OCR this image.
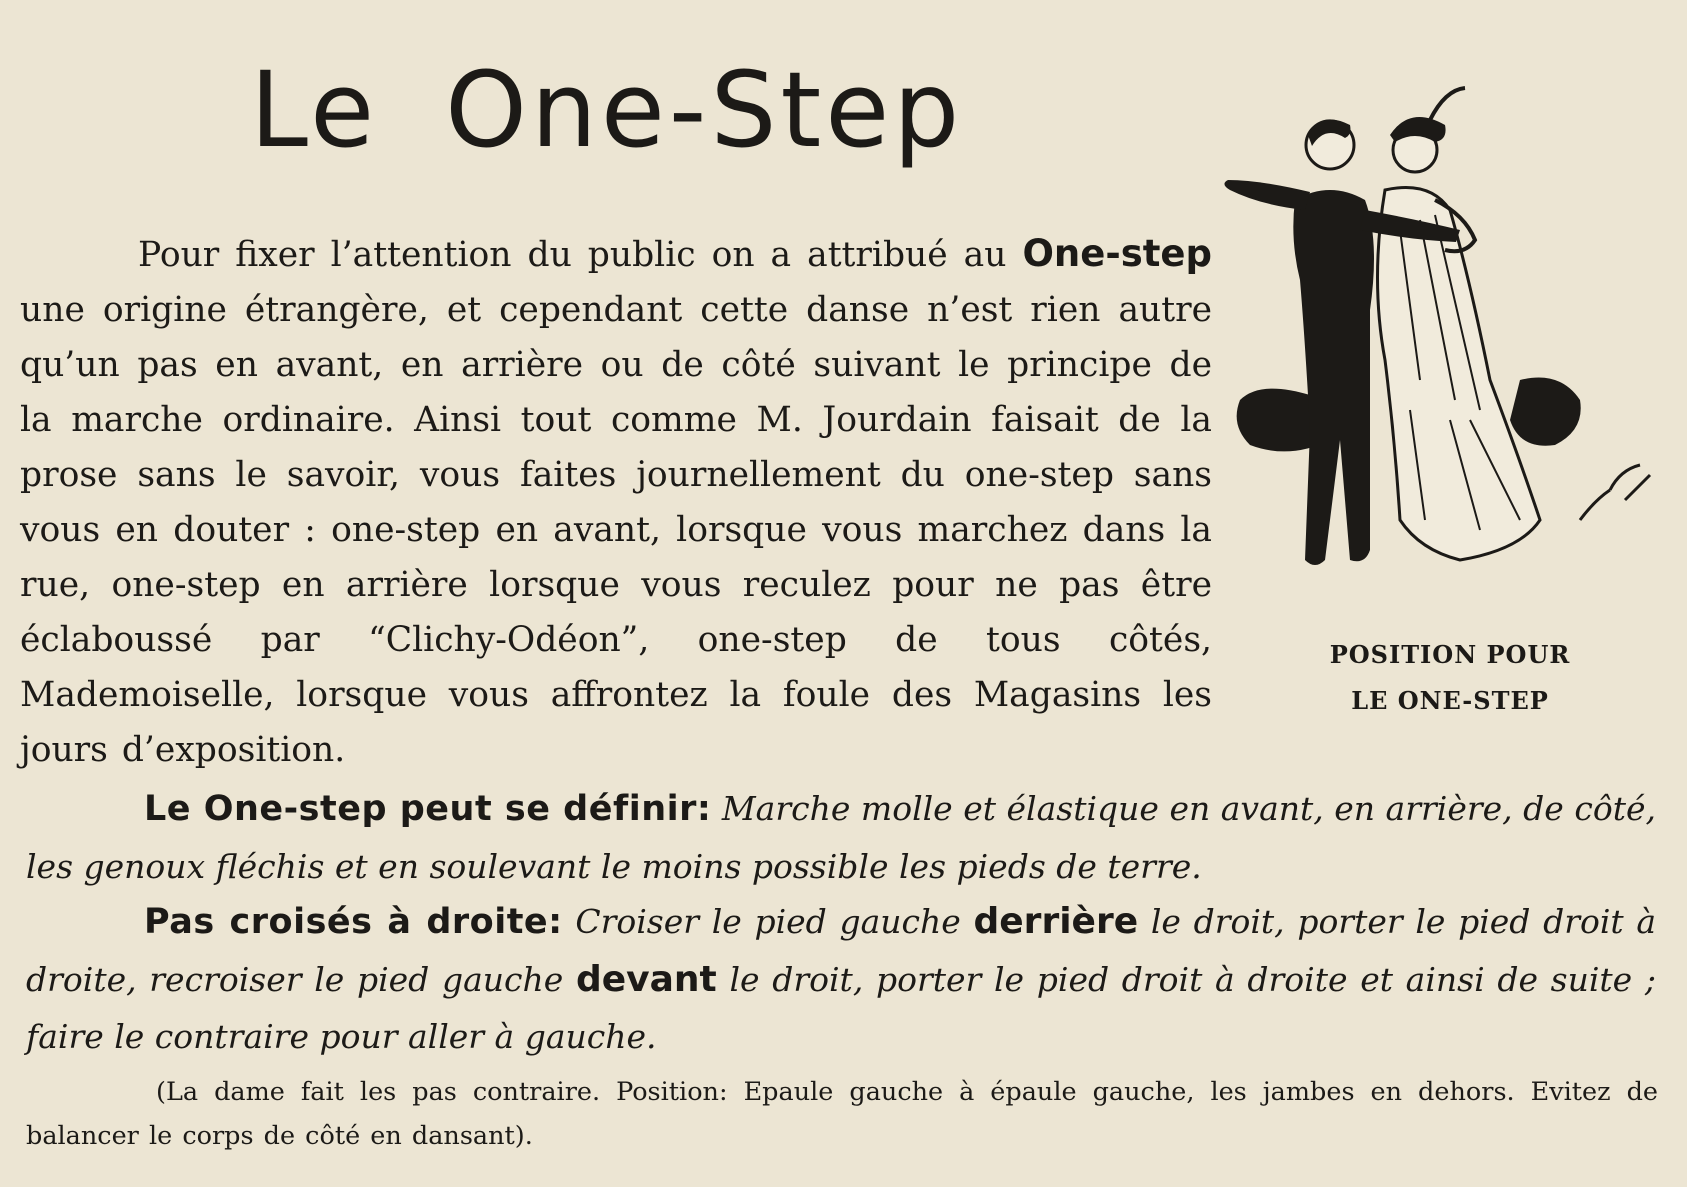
Le One-Step

Pour fixer l’attention du public on a attribué au One-step une origine étrangère, et cependant cette danse n’est rien autre qu’un pas en avant, en arrière ou de côté suivant le principe de la marche ordinaire. Ainsi tout comme M. Jourdain faisait de la prose sans le savoir, vous faites journellement du one-step sans vous en douter : one-step en avant, lorsque vous marchez dans la rue, one-step en arrière lorsque vous reculez pour ne pas être éclaboussé par “Clichy-Odéon”, one-step de tous côtés, Mademoiselle, lorsque vous affrontez la foule des Magasins les jours d’exposition.

POSITION POUR
LE ONE-STEP

Le One-step peut se définir: Marche molle et élastique en avant, en arrière, de côté, les genoux fléchis et en soulevant le moins possible les pieds de terre.

Pas croisés à droite: Croiser le pied gauche derrière le droit, porter le pied droit à droite, recroiser le pied gauche devant le droit, porter le pied droit à droite et ainsi de suite ; faire le contraire pour aller à gauche.

(La dame fait les pas contraire. Position: Epaule gauche à épaule gauche, les jambes en dehors. Evitez de balancer le corps de côté en dansant).
